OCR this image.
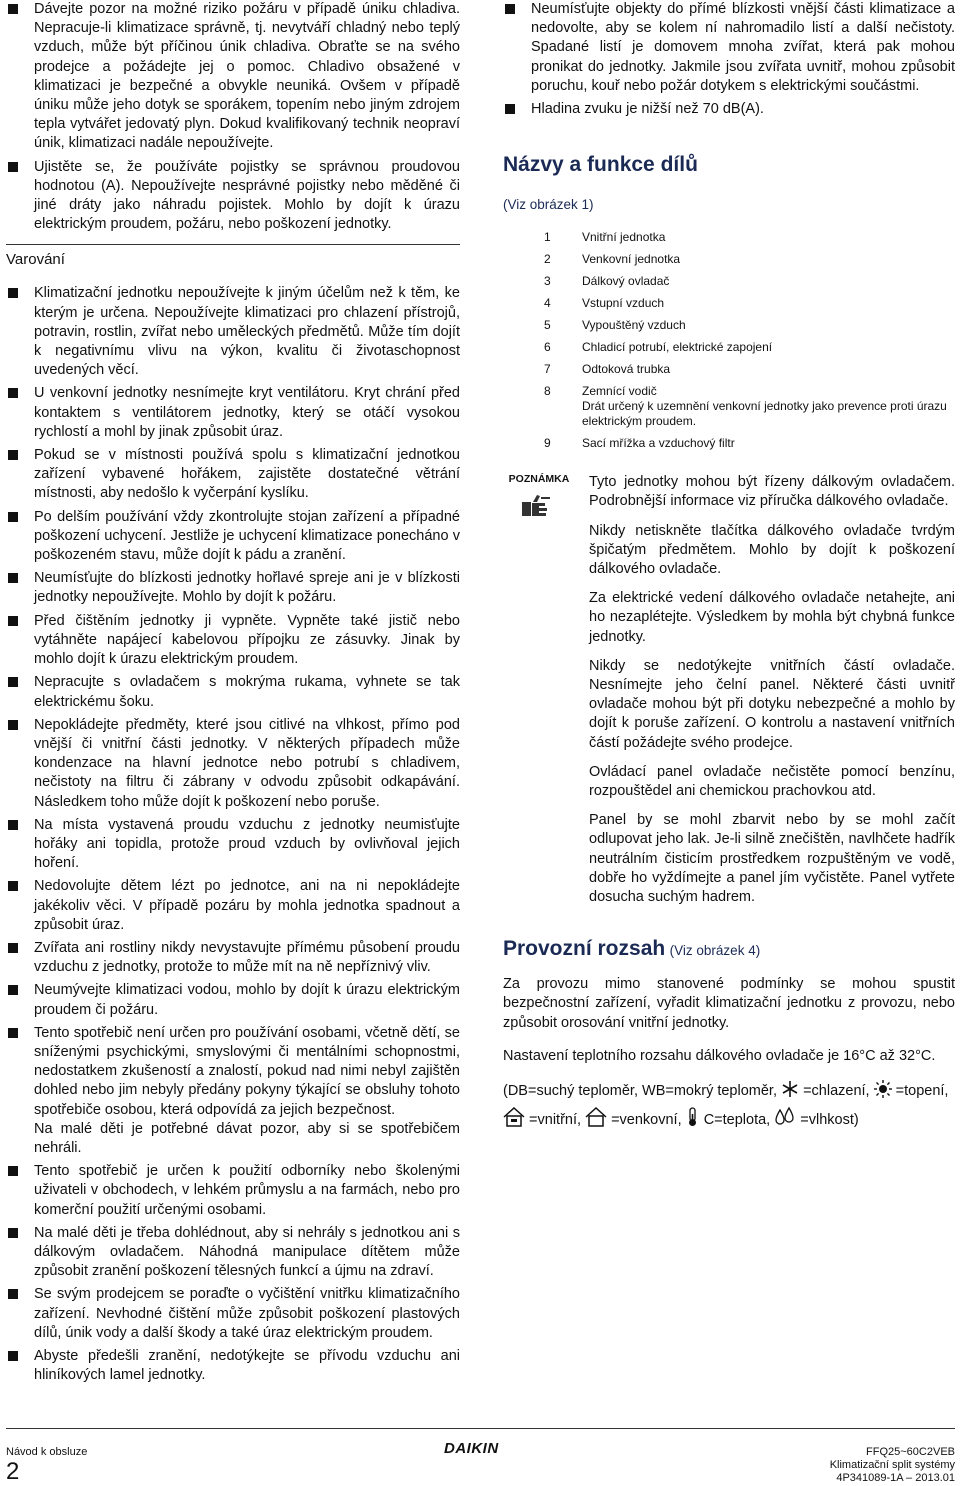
Dávejte pozor na možné riziko požáru v případě úniku chladiva. Nepracuje-li klimatizace správně, tj. nevytváří chladný nebo teplý vzduch, může být příčinou únik chladiva. Obraťte se na svého prodejce a požádejte jej o pomoc. Chladivo obsažené v klimatizaci je bezpečné a obvykle neuniká. Ovšem v případě úniku může jeho dotyk se sporákem, topením nebo jiným zdrojem tepla vytvářet jedovatý plyn. Dokud kvalifikovaný technik neopraví únik, klimatizaci nadále nepoužívejte.

Ujistěte se, že používáte pojistky se správnou proudovou hodnotou (A). Nepoužívejte nesprávné pojistky nebo měděné či jiné dráty jako náhradu pojistek. Mohlo by dojít k úrazu elektrickým proudem, požáru, nebo poškození jednotky.

Varování

Klimatizační jednotku nepoužívejte k jiným účelům než k těm, ke kterým je určena. Nepoužívejte klimatizaci pro chlazení přístrojů, potravin, rostlin, zvířat nebo uměleckých předmětů. Může tím dojít k negativnímu vlivu na výkon, kvalitu či životaschopnost uvedených věcí.

U venkovní jednotky nesnímejte kryt ventilátoru. Kryt chrání před kontaktem s ventilátorem jednotky, který se otáčí vysokou rychlostí a mohl by jinak způsobit úraz.

Pokud se v místnosti používá spolu s klimatizační jednotkou zařízení vybavené hořákem, zajistěte dostatečné větrání místnosti, aby nedošlo k vyčerpání kyslíku.

Po delším používání vždy zkontrolujte stojan zařízení a případné poškození uchycení. Jestliže je uchycení klimatizace ponecháno v poškozeném stavu, může dojít k pádu a zranění.

Neumísťujte do blízkosti jednotky hořlavé spreje ani je v blízkosti jednotky nepoužívejte. Mohlo by dojít k požáru.

Před čištěním jednotky ji vypněte. Vypněte také jistič nebo vytáhněte napájecí kabelovou přípojku ze zásuvky. Jinak by mohlo dojít k úrazu elektrickým proudem.

Nepracujte s ovladačem s mokrýma rukama, vyhnete se tak elektrickému šoku.

Nepokládejte předměty, které jsou citlivé na vlhkost, přímo pod vnější či vnitřní části jednotky. V některých případech může kondenzace na hlavní jednotce nebo potrubí s chladivem, nečistoty na filtru či zábrany v odvodu způsobit odkapávání. Následkem toho může dojít k poškození nebo poruše.

Na místa vystavená proudu vzduchu z jednotky neumisťujte hořáky ani topidla, protože proud vzduch by ovlivňoval jejich hoření.

Nedovolujte dětem lézt po jednotce, ani na ni nepokládejte jakékoliv věci. V případě pozáru by mohla jednotka spadnout a způsobit úraz.

Zvířata ani rostliny nikdy nevystavujte přímému působení proudu vzduchu z jednotky, protože to může mít na ně nepříznivý vliv.

Neumývejte klimatizaci vodou, mohlo by dojít k úrazu elektrickým proudem či požáru.

Tento spotřebič není určen pro používání osobami, včetně dětí, se sníženými psychickými, smyslovými či mentálními schopnostmi, nedostatkem zkušeností a znalostí, pokud nad nimi nebyl zajištěn dohled nebo jim nebyly předány pokyny týkající se obsluhy tohoto spotřebiče osobou, která odpovídá za jejich bezpečnost.

Na malé děti je potřebné dávat pozor, aby si se spotřebičem nehráli.

Tento spotřebič je určen k použití odborníky nebo školenými uživateli v obchodech, v lehkém průmyslu a na farmách, nebo pro komerční použití určenými osobami.

Na malé děti je třeba dohlédnout, aby si nehrály s jednotkou ani s dálkovým ovladačem. Náhodná manipulace dítětem může způsobit zranění poškození tělesných funkcí a újmu na zdraví.

Se svým prodejcem se poraďte o vyčištění vnitřku klimatizačního zařízení. Nevhodné čištění může způsobit poškození plastových dílů, únik vody a další škody a také úraz elektrickým proudem.

Abyste předešli zranění, nedotýkejte se přívodu vzduchu ani hliníkových lamel jednotky.

Neumísťujte objekty do přímé blízkosti vnější části klimatizace a nedovolte, aby se kolem ní nahromadilo listí a další nečistoty. Spadané listí je domovem mnoha zvířat, která pak mohou pronikat do jednotky. Jakmile jsou zvířata uvnitř, mohou způsobit poruchu, kouř nebo požár dotykem s elektrickými součástmi.

Hladina zvuku je nižší než 70 dB(A).

Názvy a funkce dílů
(Viz obrázek 1)
1	Vnitřní jednotka
2	Venkovní jednotka
3	Dálkový ovladač
4	Vstupní vzduch
5	Vypouštěný vzduch
6	Chladicí potrubí, elektrické zapojení
7	Odtoková trubka
8	Zemnící vodič
Drát určený k uzemnění venkovní jednotky jako prevence proti úrazu elektrickým proudem.
9	Sací mřížka a vzduchový filtr
POZNÁMKA	Tyto jednotky mohou být řízeny dálkovým ovladačem. Podrobnější informace viz příručka dálkového ovladače.

Nikdy netiskněte tlačítka dálkového ovladače tvrdým špičatým předmětem. Mohlo by dojít k poškození dálkového ovladače.

Za elektrické vedení dálkového ovladače netahejte, ani ho nezaplétejte. Výsledkem by mohla být chybná funkce jednotky.

Nikdy se nedotýkejte vnitřních částí ovladače. Nesnímejte jeho čelní panel. Některé části uvnitř ovladače mohou být při dotyku nebezpečné a mohlo by dojít k poruše zařízení. O kontrolu a nastavení vnitřních částí požádejte svého prodejce.

Ovládací panel ovladače nečistěte pomocí benzínu, rozpouštědel ani chemickou prachovkou atd.

Panel by se mohl zbarvit nebo by se mohl začít odlupovat jeho lak. Je-li silně znečištěn, navlhčete hadřík neutrálním čisticím prostředkem rozpuštěným ve vodě, dobře ho vyždímejte a panel jím vyčistěte. Panel vytřete dosucha suchým hadrem.

Provozní rozsah (Viz obrázek 4)

Za provozu mimo stanovené podmínky se mohou spustit bezpečnostní zařízení, vyřadit klimatizační jednotku z provozu, nebo způsobit orosování vnitřní jednotky.

Nastavení teplotního rozsahu dálkového ovladače je 16°C až 32°C.

(DB=suchý teploměr, WB=mokrý teploměr, =chlazení, =topení,
=vnitřní, =venkovní, C=teplota, =vlhkost)
Návod k obsluze
2
DAIKIN	FFQ25~60C2VEB
Klimatizační split systémy
4P341089-1A – 2013.01
